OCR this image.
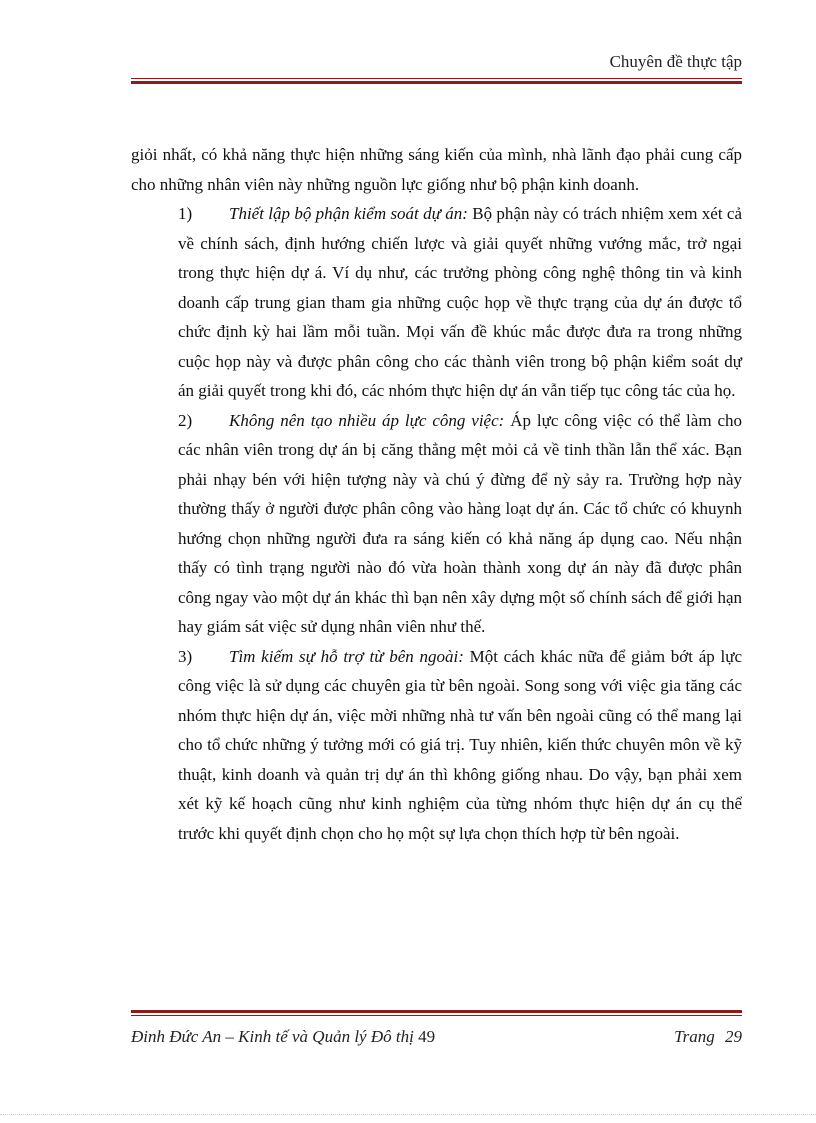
Chuyên đề thực tập

giỏi nhất, có khả năng thực hiện những sáng kiến của mình, nhà lãnh đạo phải cung cấp cho những nhân viên này những nguồn lực giống như bộ phận kinh doanh.

1) Thiết lập bộ phận kiểm soát dự án: Bộ phận này có trách nhiệm xem xét cả về chính sách, định hướng chiến lược và giải quyết những vướng mắc, trở ngại trong thực hiện dự á. Ví dụ như, các trưởng phòng công nghệ thông tin và kinh doanh cấp trung gian tham gia những cuộc họp về thực trạng của dự án được tổ chức định kỳ hai lầm mỗi tuần. Mọi vấn đề khúc mắc được đưa ra trong những cuộc họp này và được phân công cho các thành viên trong bộ phận kiểm soát dự án giải quyết trong khi đó, các nhóm thực hiện dự án vẫn tiếp tục công tác của họ.

2) Không nên tạo nhiều áp lực công việc: Áp lực công việc có thể làm cho các nhân viên trong dự án bị căng thẳng mệt mỏi cả về tinh thần lẫn thể xác. Bạn phải nhạy bén với hiện tượng này và chú ý đừng để nỳ sảy ra. Trường hợp này thường thấy ở người được phân công vào hàng loạt dự án. Các tổ chức có khuynh hướng chọn những người đưa ra sáng kiến có khả năng áp dụng cao. Nếu nhận thấy có tình trạng người nào đó vừa hoàn thành xong dự án này đã được phân công ngay vào một dự án khác thì bạn nên xây dựng một số chính sách để giới hạn hay giám sát việc sử dụng nhân viên như thế.

3) Tìm kiếm sự hỗ trợ từ bên ngoài: Một cách khác nữa để giảm bớt áp lực công việc là sử dụng các chuyên gia từ bên ngoài. Song song với việc gia tăng các nhóm thực hiện dự án, việc mời những nhà tư vấn bên ngoài cũng có thể mang lại cho tổ chức những ý tưởng mới có giá trị. Tuy nhiên, kiến thức chuyên môn về kỹ thuật, kinh doanh và quản trị dự án thì không giống nhau. Do vậy, bạn phải xem xét kỹ kế hoạch cũng như kinh nghiệm của từng nhóm thực hiện dự án cụ thể trước khi quyết định chọn cho họ một sự lựa chọn thích hợp từ bên ngoài.

Đinh Đức An – Kinh tế và Quản lý Đô thị 49	Trang 29
